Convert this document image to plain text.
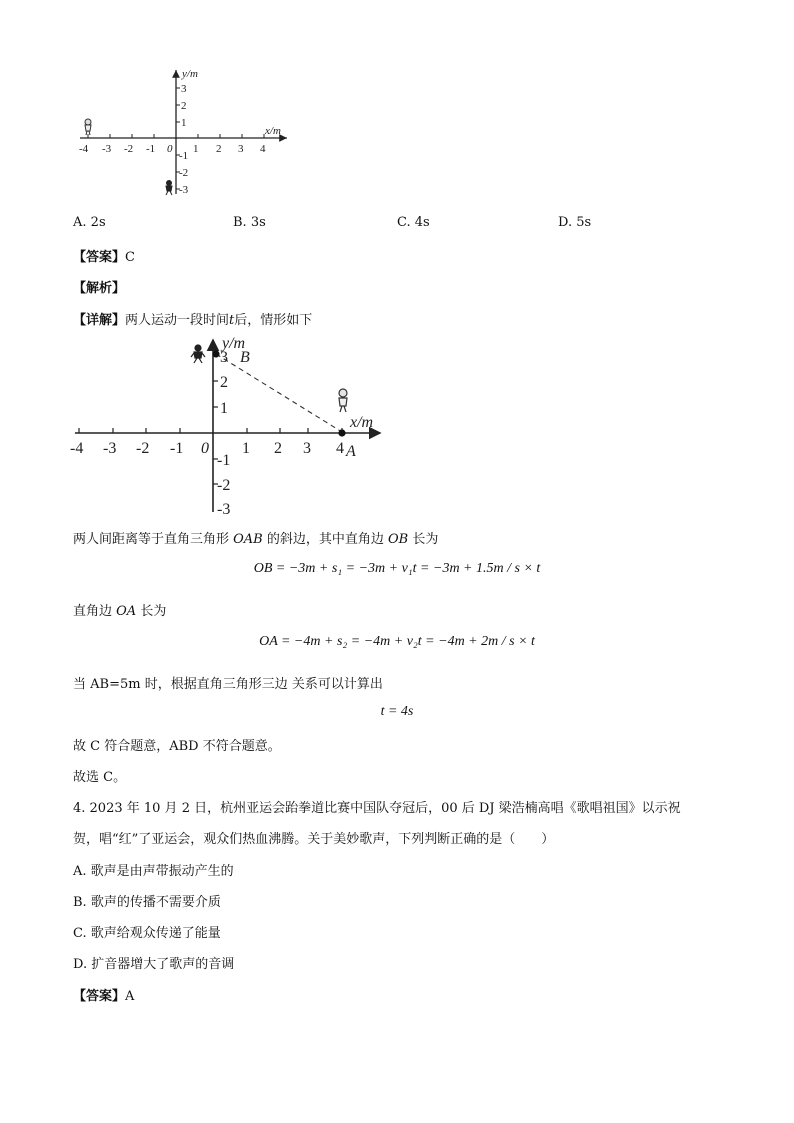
-4 -3 -2 -1 0 1 2 3 4
3
2
1
-1
-2
-3
x/m
y/m
A. 2s	B. 3s	C. 4s	D. 5s
【答案】C
【解析】
【详解】两人运动一段时间t后，情形如下
-4 -3 -2 -1 0 1 2 3 4
3
2
1
-1
-2
-3
x/m
y/m
B
A
两人间距离等于直角三角形 OAB 的斜边，其中直角边 OB 长为
OB = −3m + s₁ = −3m + v₁t = −3m + 1.5m / s × t
直角边 OA 长为
OA = −4m + s₂ = −4m + v₂t = −4m + 2m / s × t
当 AB=5m 时，根据直角三角形三边 关系可以计算出
t = 4s
故 C 符合题意，ABD 不符合题意。
故选 C。
4. 2023 年 10 月 2 日，杭州亚运会跆拳道比赛中国队夺冠后，00 后 DJ 梁浩楠高唱《歌唱祖国》以示祝
贺，唱“红”了亚运会，观众们热血沸腾。关于美妙歌声，下列判断正确的是（　　）
A. 歌声是由声带振动产生的
B. 歌声的传播不需要介质
C. 歌声给观众传递了能量
D. 扩音器增大了歌声的音调
【答案】A
